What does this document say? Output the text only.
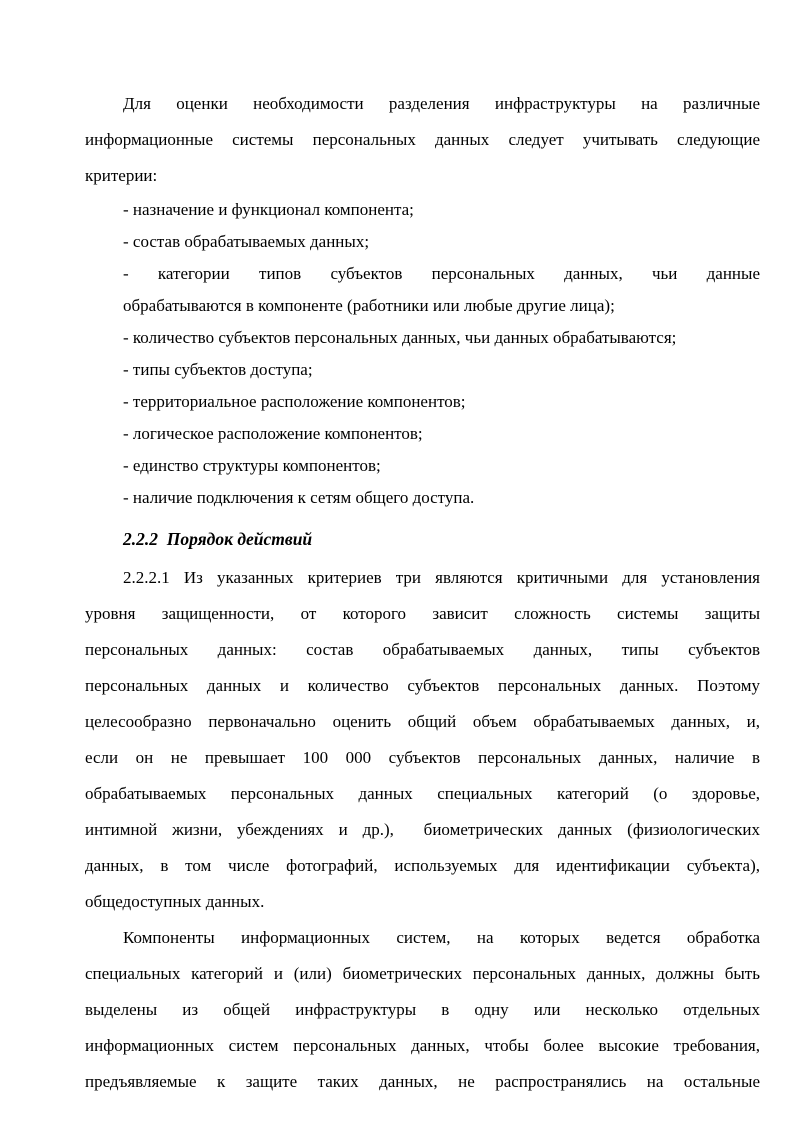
Для оценки необходимости разделения инфраструктуры на различные
информационные системы персональных данных следует учитывать следующие
критерии:
- назначение и функционал компонента;
- состав обрабатываемых данных;
- категории типов субъектов персональных данных, чьи данные
обрабатываются в компоненте (работники или любые другие лица);
- количество субъектов персональных данных, чьи данных обрабатываются;
- типы субъектов доступа;
- территориальное расположение компонентов;
- логическое расположение компонентов;
- единство структуры компонентов;
- наличие подключения к сетям общего доступа.
2.2.2  Порядок действий
2.2.2.1 Из указанных критериев три являются критичными для установления
уровня защищенности, от которого зависит сложность системы защиты
персональных данных: состав обрабатываемых данных, типы субъектов
персональных данных и количество субъектов персональных данных. Поэтому
целесообразно первоначально оценить общий объем обрабатываемых данных, и,
если он не превышает 100 000 субъектов персональных данных, наличие в
обрабатываемых персональных данных специальных категорий (о здоровье,
интимной жизни, убеждениях и др.),  биометрических данных (физиологических
данных, в том числе фотографий, используемых для идентификации субъекта),
общедоступных данных.
Компоненты информационных систем, на которых ведется обработка
специальных категорий и (или) биометрических персональных данных, должны быть
выделены из общей инфраструктуры в одну или несколько отдельных
информационных систем персональных данных, чтобы более высокие требования,
предъявляемые к защите таких данных, не распространялись на остальные
